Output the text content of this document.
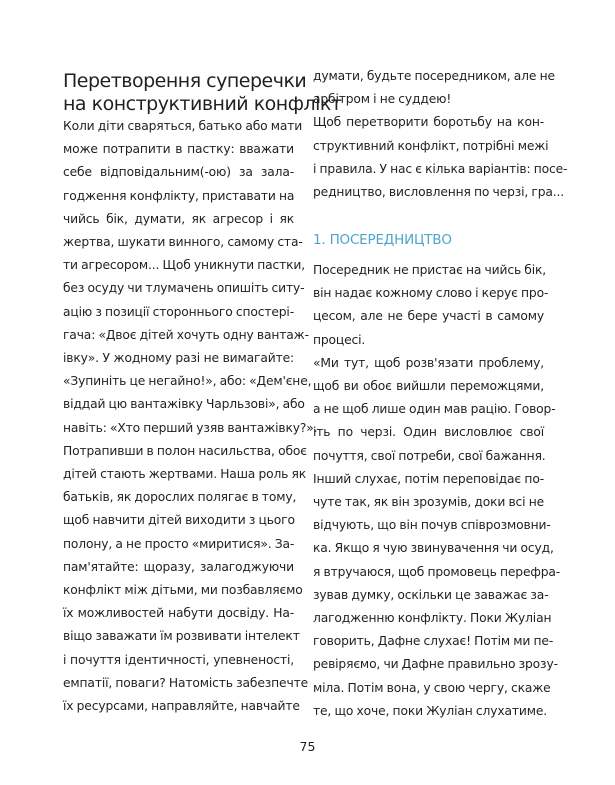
Перетворення суперечки
на конструктивний конфлікт
Коли діти сваряться, батько або мати
може потрапити в пастку: вважати
себе відповідальним(-ою) за зала-
годження конфлікту, приставати на
чийсь бік, думати, як агресор і як
жертва, шукати винного, самому ста-
ти агресором... Щоб уникнути пастки,
без осуду чи тлумачень опишіть ситу-
ацію з позиції стороннього спостері-
гача: «Двоє дітей хочуть одну вантаж-
івку». У жодному разі не вимагайте:
«Зупиніть це негайно!», або: «Дем'єне,
віддай цю вантажівку Чарльзові», або
навіть: «Хто перший узяв вантажівку?».
Потрапивши в полон насильства, обоє
дітей стають жертвами. Наша роль як
батьків, як дорослих полягає в тому,
щоб навчити дітей виходити з цього
полону, а не просто «миритися». За-
пам'ятайте: щоразу, залагоджуючи
конфлікт між дітьми, ми позбавляємо
їх можливостей набути досвіду. На-
віщо заважати їм розвивати інтелект
і почуття ідентичності, упевненості,
емпатії, поваги? Натомість забезпечте
їх ресурсами, направляйте, навчайте
думати, будьте посередником, але не
арбітром і не суддею!
Щоб перетворити боротьбу на кон-
структивний конфлікт, потрібні межі
і правила. У нас є кілька варіантів: посе-
редництво, висловлення по черзі, гра...
1. ПОСЕРЕДНИЦТВО
Посередник не пристає на чийсь бік,
він надає кожному слово і керує про-
цесом, але не бере участі в самому
процесі.
«Ми тут, щоб розв'язати проблему,
щоб ви обоє вийшли переможцями,
а не щоб лише один мав рацію. Говор-
іть по черзі. Один висловлює свої
почуття, свої потреби, свої бажання.
Інший слухає, потім переповідає по-
чуте так, як він зрозумів, доки всі не
відчують, що він почув співрозмовни-
ка. Якщо я чую звинувачення чи осуд,
я втручаюся, щоб промовець перефра-
зував думку, оскільки це заважає за-
лагодженню конфлікту. Поки Жуліан
говорить, Дафне слухає! Потім ми пе-
ревіряємо, чи Дафне правильно зрозу-
міла. Потім вона, у свою чергу, скаже
те, що хоче, поки Жуліан слухатиме.
75
